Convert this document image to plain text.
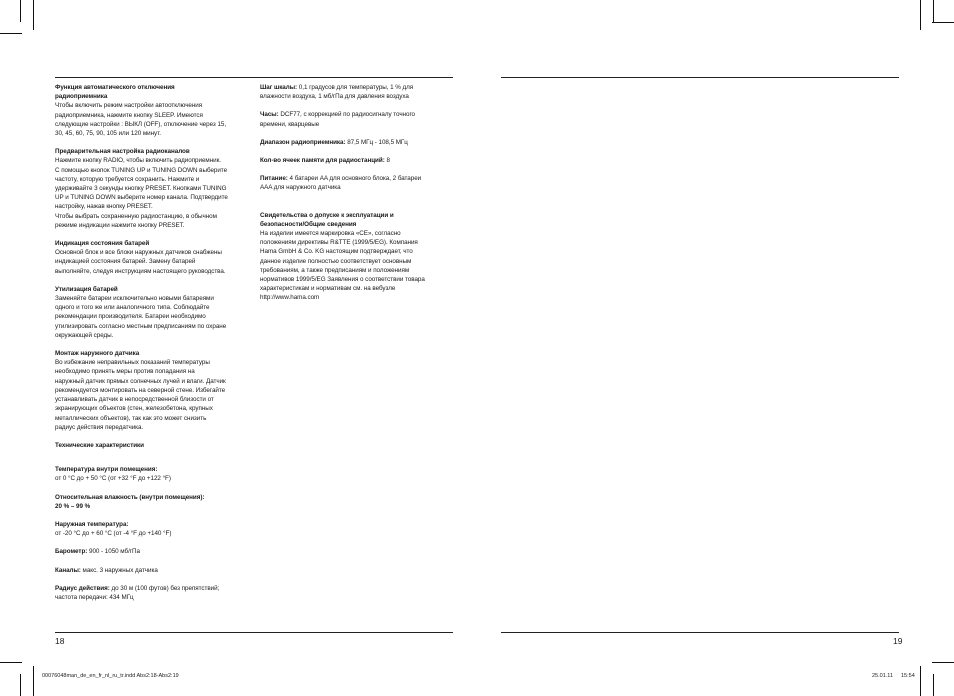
Функция автоматического отключения
радиоприемника
Чтобы включить режим настройки автоотключения
радиоприемника, нажмите кнопку SLEEP. Имеются
следующие настройки : ВЫКЛ (OFF), отключение через 15,
30, 45, 60, 75, 90, 105 или 120 минут.
Предварительная настройка радиоканалов
Нажмите кнопку RADIO, чтобы включить радиоприемник.
С помощью кнопок TUNING UP и TUNING DOWN выберите
частоту, которую требуется сохранить. Нажмите и
удерживайте 3 секунды кнопку PRESET. Кнопками TUNING
UP и TUNING DOWN выберите номер канала. Подтвердите
настройку, нажав кнопку PRESET.
Чтобы выбрать сохраненную радиостанцию, в обычном
режиме индикации нажмите кнопку PRESET.
Индикация состояния батарей
Основной блок и все блоки наружных датчиков снабжены
индикацией состояния батарей. Замену батарей
выполняйте, следуя инструкциям настоящего руководства.
Утилизация батарей
Заменяйте батареи исключительно новыми батареями
одного и того же или аналогичного типа. Соблюдайте
рекомендации производителя. Батареи необходимо
утилизировать согласно местным предписаниям по охране
окружающей среды.
Монтаж наружного датчика
Во избежание неправильных показаний температуры
необходимо принять меры против попадания на
наружный датчик прямых солнечных лучей и влаги. Датчик
рекомендуется монтировать на северной стене. Избегайте
устанавливать датчик в непосредственной близости от
экранирующих объектов (стен, железобетона, крупных
металлических объектов), так как это может снизить
радиус действия передатчика.
Технические характеристики
Температура внутри помещения:
от 0 °C до + 50 °C (от +32 °F до +122 °F)
Относительная влажность (внутри помещения):
20 % – 99 %
Наружная температура:
от -20 °C до + 60 °C (от -4 °F до +140 °F)
Барометр: 900 - 1050 мб/гПа
Каналы: макс. 3 наружных датчика
Радиус действия: до 30 м (100 футов) без препятствий;
частота передачи: 434 МГц
Шаг шкалы: 0,1 градусов для температуры, 1 % для
влажности воздуха, 1 мб/гПа для давления воздуха
Часы: DCF77, с коррекцией по радиосигналу точного
времени, кварцевые
Диапазон радиоприемника: 87,5 МГц - 108,5 МГц
Кол-во ячеек памяти для радиостанций: 8
Питание: 4 батареи AA для основного блока, 2 батареи
AAA для наружного датчика
Свидетельства о допуске к эксплуатации и
безопасности/Общие сведения
На изделии имеется маркировка «CE», согласно
положениям директивы R&TTE (1999/5/EG). Компания
Hama GmbH & Co. KG настоящим подтверждает, что
данное изделие полностью соответствует основным
требованиям, а также предписаниям и положениям
нормативов 1999/5/EG Заявления о соответствии товара
характеристикам и нормативам см. на вебузле
http://www.hama.com
18	19
00076048man_de_en_fr_nl_ru_tr.indd Abs2:18-Abs2:19	25.01.11 15:54
